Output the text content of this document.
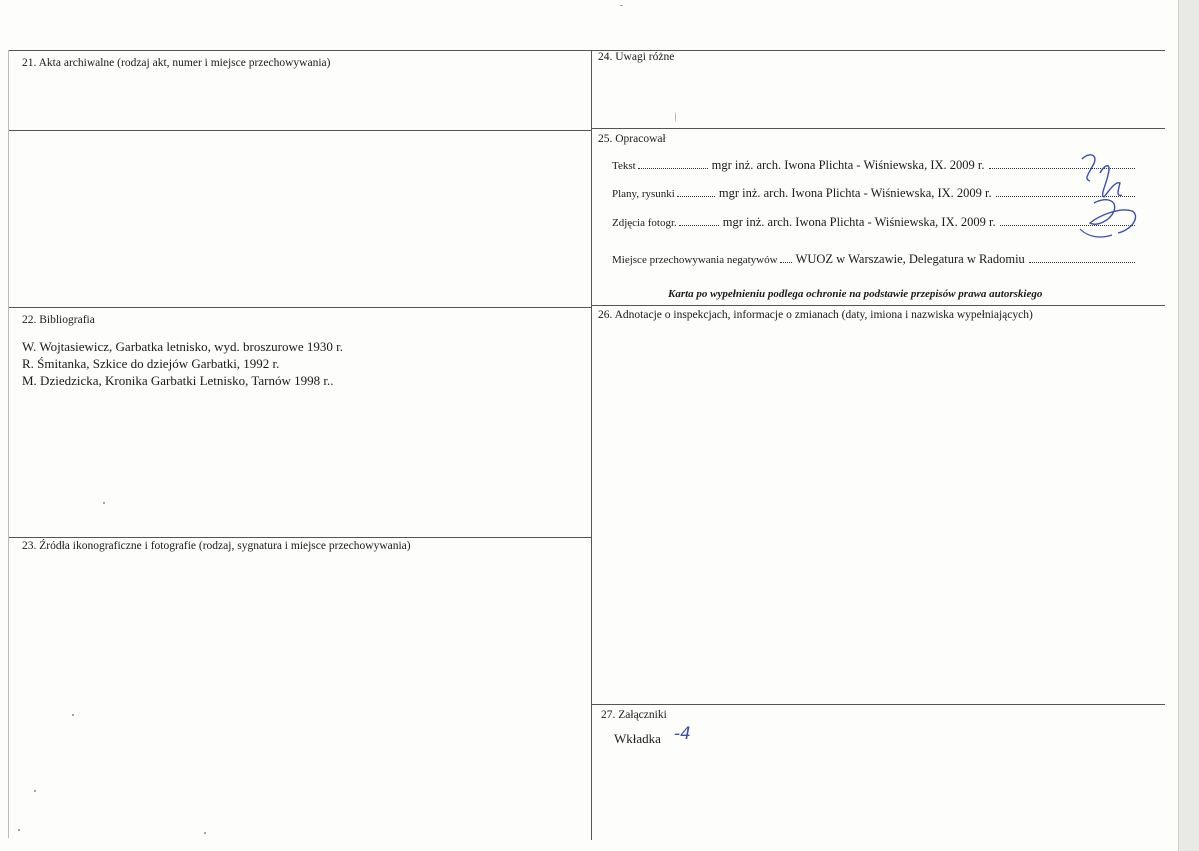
21. Akta archiwalne (rodzaj akt, numer i miejsce przechowywania)	24. Uwagi różne
25. Opracował
Tekst	mgr inż. arch. Iwona Plichta - Wiśniewska, IX. 2009 r.
Plany, rysunki	mgr inż. arch. Iwona Plichta - Wiśniewska, IX. 2009 r.
Zdjęcia fotogr.	mgr inż. arch. Iwona Plichta - Wiśniewska, IX. 2009 r.
Miejsce przechowywania negatywów WUOZ w Warszawie, Delegatura w Radomiu
Karta po wypełnieniu podlega ochronie na podstawie przepisów prawa autorskiego
22. Bibliografia
W. Wojtasiewicz, Garbatka letnisko, wyd. broszurowe 1930 r.
R. Śmitanka, Szkice do dziejów Garbatki, 1992 r.
M. Dziedzicka, Kronika Garbatki Letnisko, Tarnów 1998 r..
26. Adnotacje o inspekcjach, informacje o zmianach (daty, imiona i nazwiska wypełniających)
23. Źródła ikonograficzne i fotografie (rodzaj, sygnatura i miejsce przechowywania)
27. Załączniki
Wkładka -4
